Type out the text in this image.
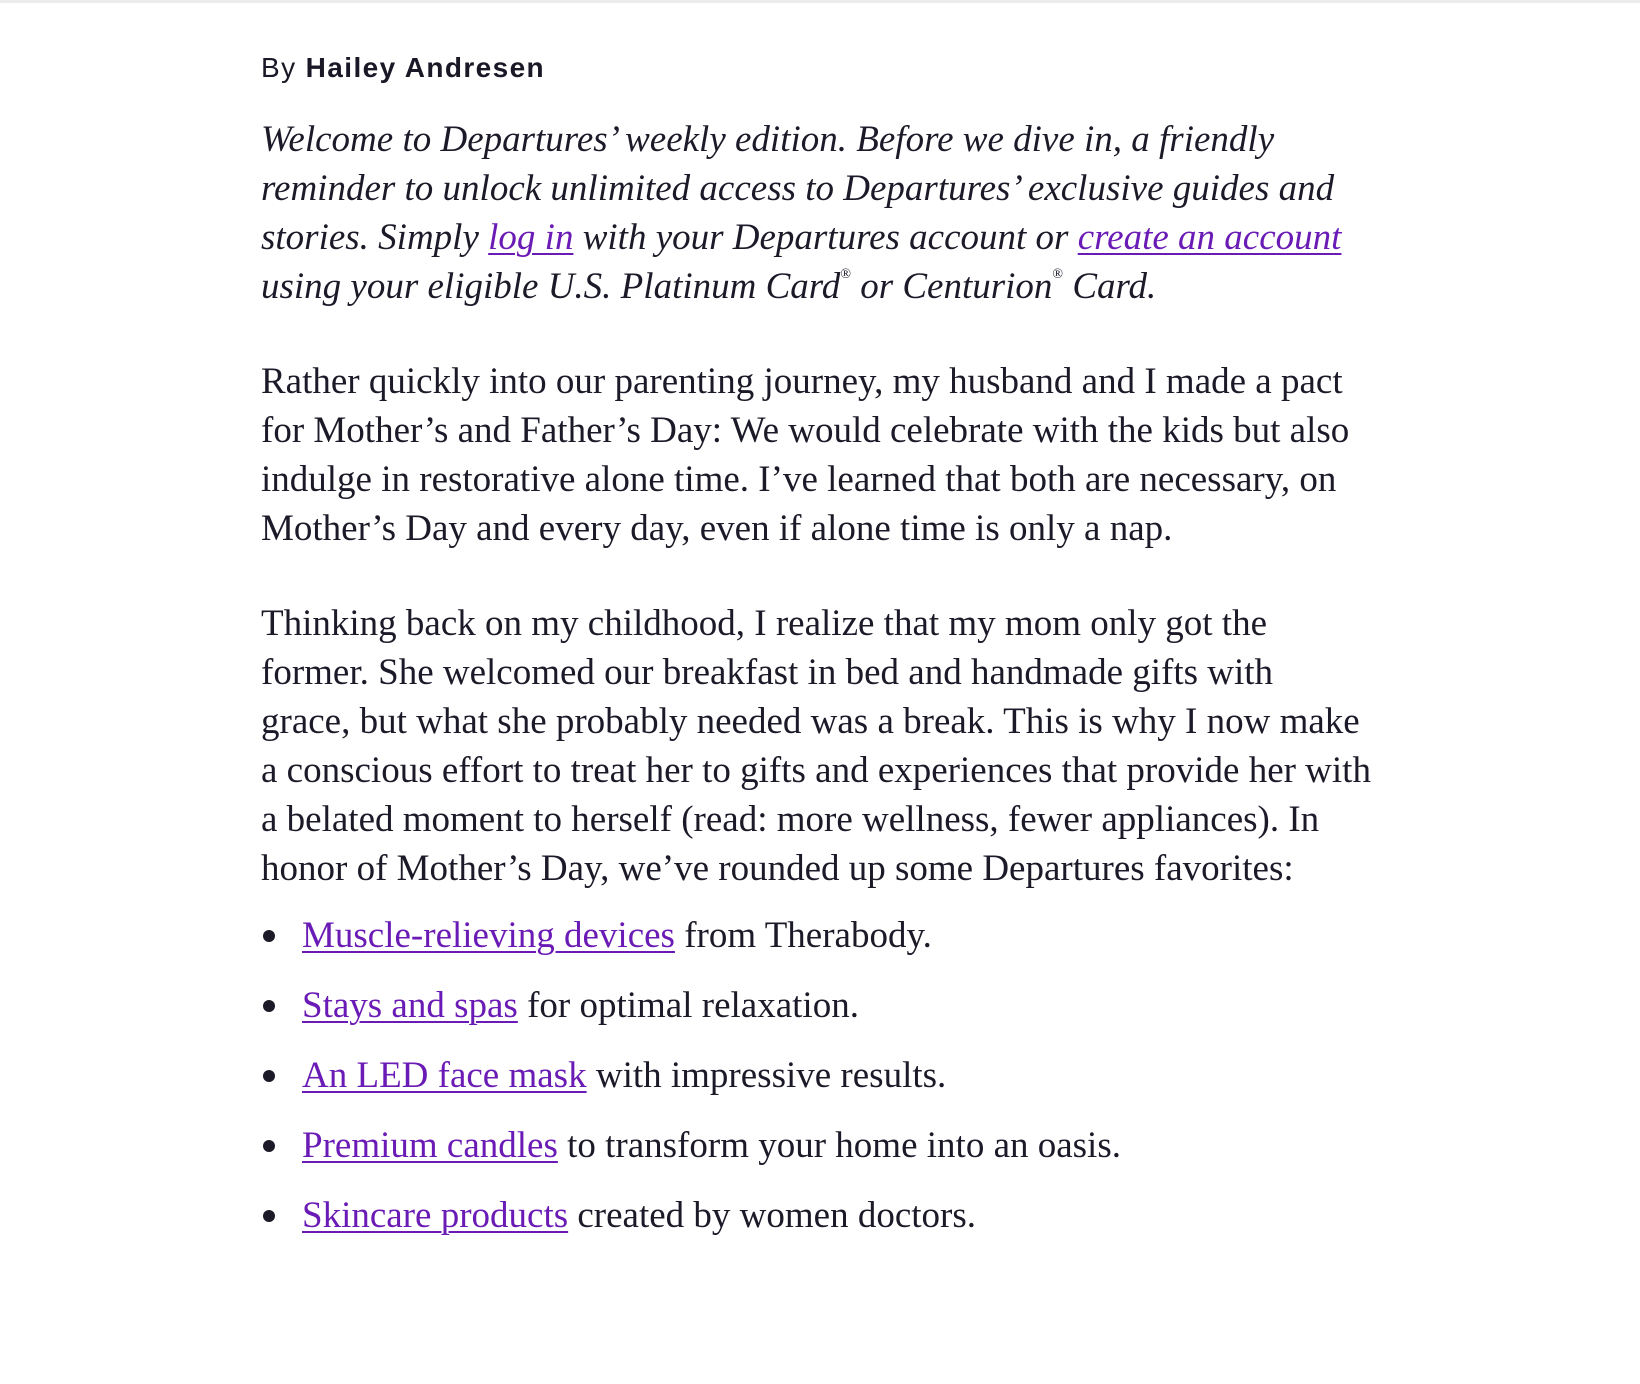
By Hailey Andresen

Welcome to Departures’ weekly edition. Before we dive in, a friendly reminder to unlock unlimited access to Departures’ exclusive guides and stories. Simply log in with your Departures account or create an account using your eligible U.S. Platinum Card® or Centurion® Card.

Rather quickly into our parenting journey, my husband and I made a pact for Mother’s and Father’s Day: We would celebrate with the kids but also indulge in restorative alone time. I’ve learned that both are necessary, on Mother’s Day and every day, even if alone time is only a nap.

Thinking back on my childhood, I realize that my mom only got the former. She welcomed our breakfast in bed and handmade gifts with grace, but what she probably needed was a break. This is why I now make a conscious effort to treat her to gifts and experiences that provide her with a belated moment to herself (read: more wellness, fewer appliances). In honor of Mother’s Day, we’ve rounded up some Departures favorites:

Muscle-relieving devices from Therabody.
Stays and spas for optimal relaxation.
An LED face mask with impressive results.
Premium candles to transform your home into an oasis.
Skincare products created by women doctors.
